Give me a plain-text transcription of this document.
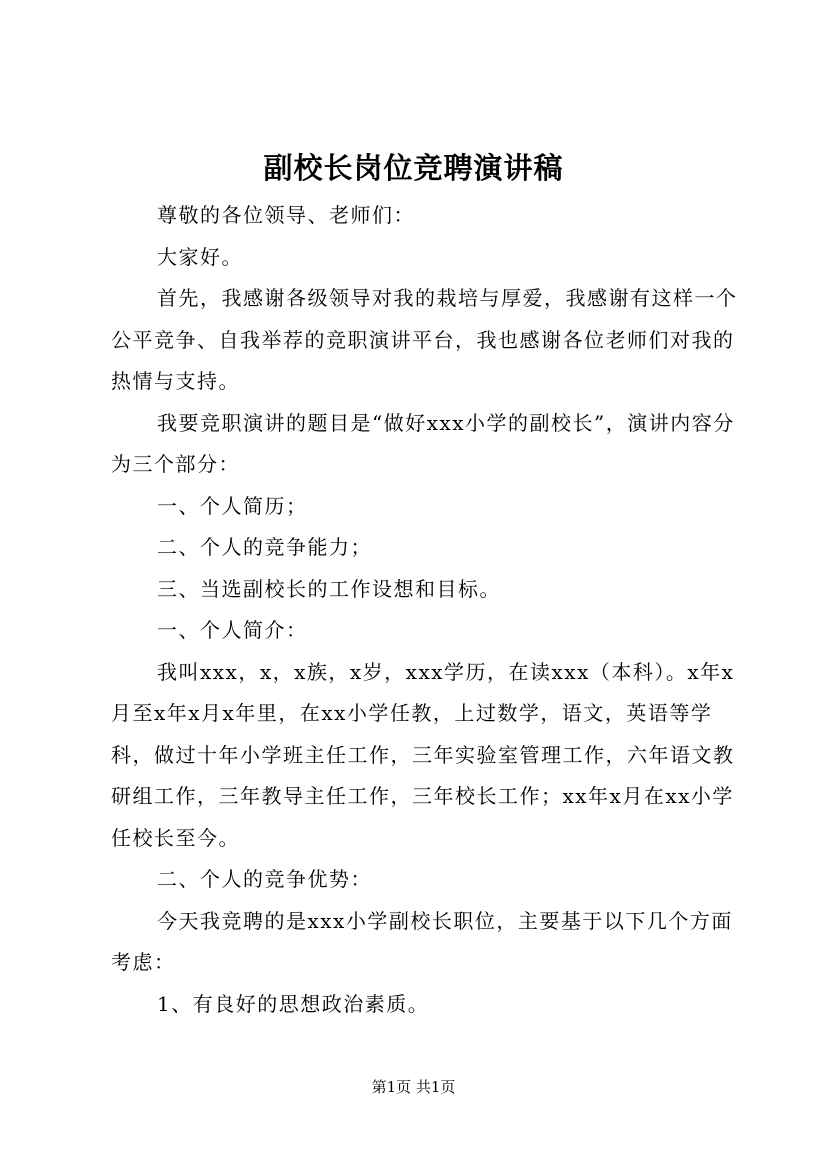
副校长岗位竞聘演讲稿

尊敬的各位领导、老师们：

大家好。

首先，我感谢各级领导对我的栽培与厚爱，我感谢有这样一个公平竞争、自我举荐的竞职演讲平台，我也感谢各位老师们对我的热情与支持。

我要竞职演讲的题目是“做好xxx小学的副校长”，演讲内容分为三个部分：

一、个人简历；

二、个人的竞争能力；

三、当选副校长的工作设想和目标。

一、个人简介：

我叫xxx，x，x族，x岁，xxx学历，在读xxx（本科）。x年x月至x年x月x年里，在xx小学任教，上过数学，语文，英语等学科，做过十年小学班主任工作，三年实验室管理工作，六年语文教研组工作，三年教导主任工作，三年校长工作；xx年x月在xx小学任校长至今。

二、个人的竞争优势：

今天我竞聘的是xxx小学副校长职位，主要基于以下几个方面考虑：

1、有良好的思想政治素质。

第1页 共1页
